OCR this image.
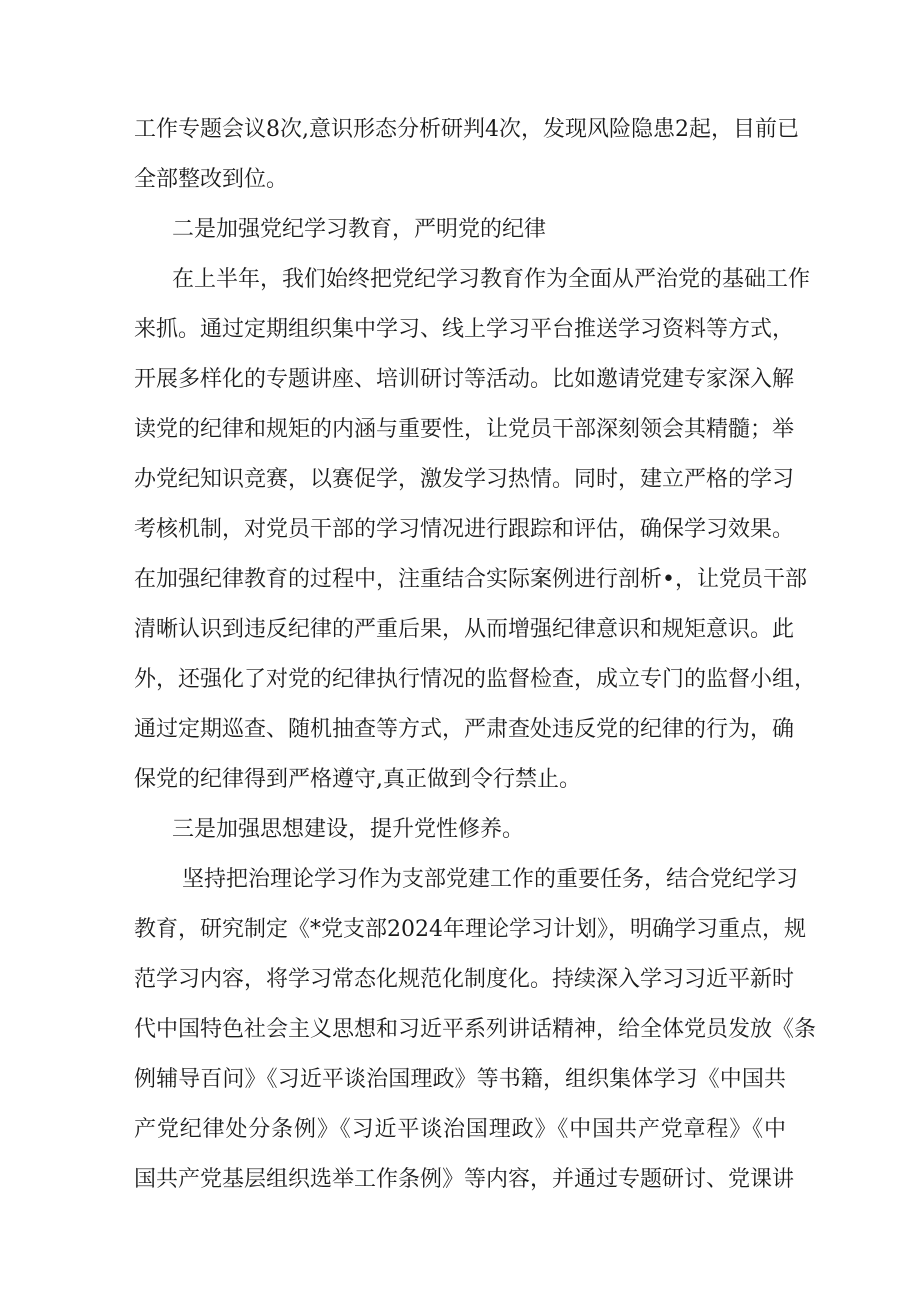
工作专题会议8次,意识形态分析研判4次，发现风险隐患2起，目前已

全部整改到位。

二是加强党纪学习教育，严明党的纪律

在上半年，我们始终把党纪学习教育作为全面从严治党的基础工作

来抓。通过定期组织集中学习、线上学习平台推送学习资料等方式，

开展多样化的专题讲座、培训研讨等活动。比如邀请党建专家深入解

读党的纪律和规矩的内涵与重要性，让党员干部深刻领会其精髓；举

办党纪知识竞赛，以赛促学，激发学习热情。同时，建立严格的学习

考核机制，对党员干部的学习情况进行跟踪和评估，确保学习效果。

在加强纪律教育的过程中，注重结合实际案例进行剖析•，让党员干部

清晰认识到违反纪律的严重后果，从而增强纪律意识和规矩意识。此

外，还强化了对党的纪律执行情况的监督检查，成立专门的监督小组，

通过定期巡查、随机抽查等方式，严肃查处违反党的纪律的行为，确

保党的纪律得到严格遵守,真正做到令行禁止。

三是加强思想建设，提升党性修养。

坚持把治理论学习作为支部党建工作的重要任务，结合党纪学习

教育，研究制定《*党支部2024年理论学习计划》，明确学习重点，规

范学习内容，将学习常态化规范化制度化。持续深入学习习近平新时

代中国特色社会主义思想和习近平系列讲话精神，给全体党员发放《条

例辅导百问》《习近平谈治国理政》等书籍，组织集体学习《中国共

产党纪律处分条例》《习近平谈治国理政》《中国共产党章程》《中

国共产党基层组织选举工作条例》等内容，并通过专题研讨、党课讲
